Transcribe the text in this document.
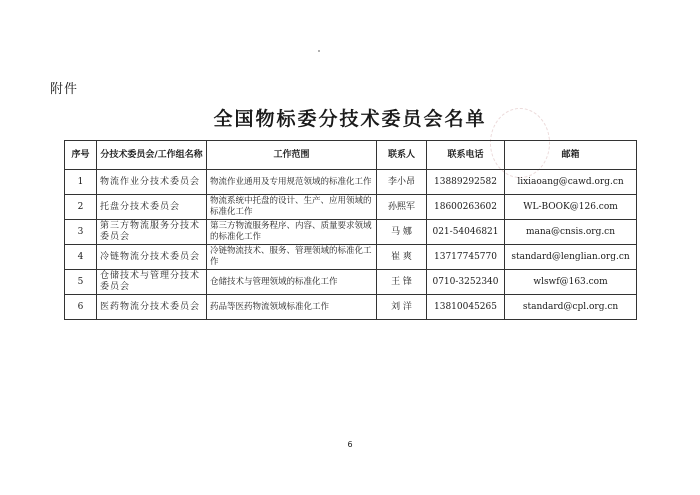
附件
全国物标委分技术委员会名单
序号	分技术委员会/工作组名称	工作范围	联系人	联系电话	邮箱
1	物流作业分技术委员会	物流作业通用及专用规范领域的标准化工作	李小昂	13889292582	lixiaoang@cawd.org.cn
2	托盘分技术委员会	物流系统中托盘的设计、生产、应用领域的标准化工作	孙熙军	18600263602	WL-BOOK@126.com
3	第三方物流服务分技术委员会	第三方物流服务程序、内容、质量要求领域的标准化工作	马 娜	021-54046821	mana@cnsis.org.cn
4	冷链物流分技术委员会	冷链物流技术、服务、管理领域的标准化工作	崔 爽	13717745770	standard@lenglian.org.cn
5	仓储技术与管理分技术委员会	仓储技术与管理领域的标准化工作	王 锋	0710-3252340	wlswf@163.com
6	医药物流分技术委员会	药品等医药物流领域标准化工作	刘 洋	13810045265	standard@cpl.org.cn
6
